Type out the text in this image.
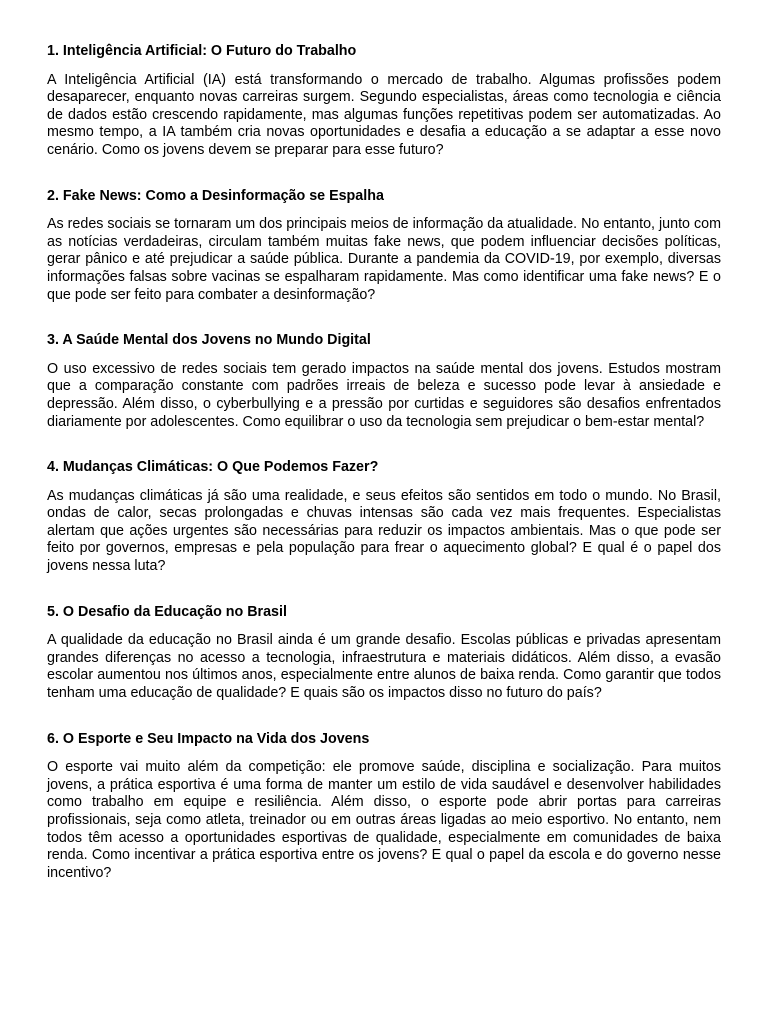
1. Inteligência Artificial: O Futuro do Trabalho

A Inteligência Artificial (IA) está transformando o mercado de trabalho. Algumas profissões podem desaparecer, enquanto novas carreiras surgem. Segundo especialistas, áreas como tecnologia e ciência de dados estão crescendo rapidamente, mas algumas funções repetitivas podem ser automatizadas. Ao mesmo tempo, a IA também cria novas oportunidades e desafia a educação a se adaptar a esse novo cenário. Como os jovens devem se preparar para esse futuro?

2. Fake News: Como a Desinformação se Espalha

As redes sociais se tornaram um dos principais meios de informação da atualidade. No entanto, junto com as notícias verdadeiras, circulam também muitas fake news, que podem influenciar decisões políticas, gerar pânico e até prejudicar a saúde pública. Durante a pandemia da COVID-19, por exemplo, diversas informações falsas sobre vacinas se espalharam rapidamente. Mas como identificar uma fake news? E o que pode ser feito para combater a desinformação?

3. A Saúde Mental dos Jovens no Mundo Digital

O uso excessivo de redes sociais tem gerado impactos na saúde mental dos jovens. Estudos mostram que a comparação constante com padrões irreais de beleza e sucesso pode levar à ansiedade e depressão. Além disso, o cyberbullying e a pressão por curtidas e seguidores são desafios enfrentados diariamente por adolescentes. Como equilibrar o uso da tecnologia sem prejudicar o bem-estar mental?

4. Mudanças Climáticas: O Que Podemos Fazer?

As mudanças climáticas já são uma realidade, e seus efeitos são sentidos em todo o mundo. No Brasil, ondas de calor, secas prolongadas e chuvas intensas são cada vez mais frequentes. Especialistas alertam que ações urgentes são necessárias para reduzir os impactos ambientais. Mas o que pode ser feito por governos, empresas e pela população para frear o aquecimento global? E qual é o papel dos jovens nessa luta?

5. O Desafio da Educação no Brasil

A qualidade da educação no Brasil ainda é um grande desafio. Escolas públicas e privadas apresentam grandes diferenças no acesso a tecnologia, infraestrutura e materiais didáticos. Além disso, a evasão escolar aumentou nos últimos anos, especialmente entre alunos de baixa renda. Como garantir que todos tenham uma educação de qualidade? E quais são os impactos disso no futuro do país?

6. O Esporte e Seu Impacto na Vida dos Jovens

O esporte vai muito além da competição: ele promove saúde, disciplina e socialização. Para muitos jovens, a prática esportiva é uma forma de manter um estilo de vida saudável e desenvolver habilidades como trabalho em equipe e resiliência. Além disso, o esporte pode abrir portas para carreiras profissionais, seja como atleta, treinador ou em outras áreas ligadas ao meio esportivo. No entanto, nem todos têm acesso a oportunidades esportivas de qualidade, especialmente em comunidades de baixa renda. Como incentivar a prática esportiva entre os jovens? E qual o papel da escola e do governo nesse incentivo?
